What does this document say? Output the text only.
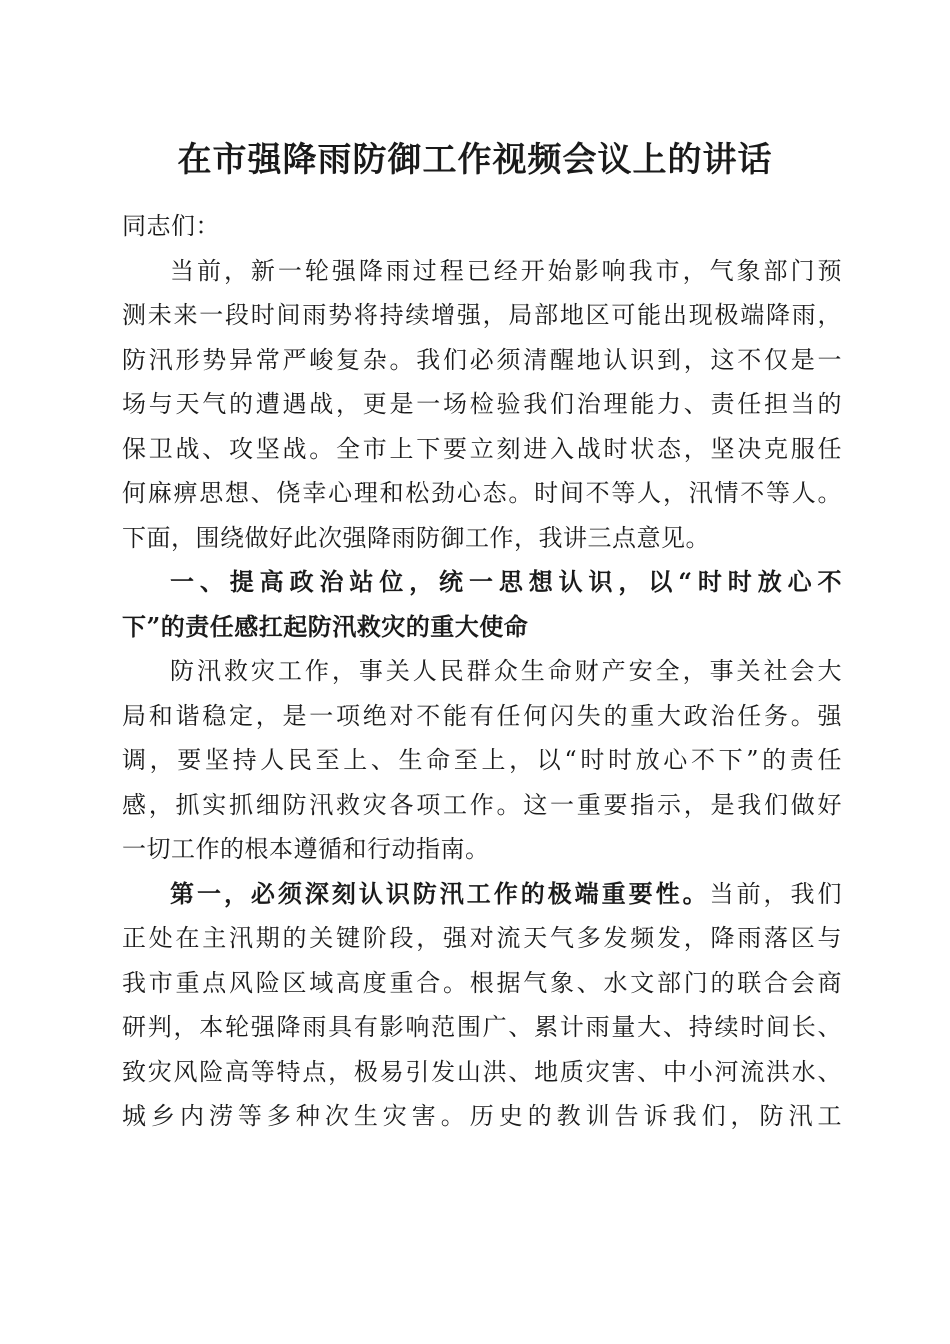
在市强降雨防御工作视频会议上的讲话
同志们：
当前，新一轮强降雨过程已经开始影响我市，气象部门预
测未来一段时间雨势将持续增强，局部地区可能出现极端降雨，
防汛形势异常严峻复杂。我们必须清醒地认识到，这不仅是一
场与天气的遭遇战，更是一场检验我们治理能力、责任担当的
保卫战、攻坚战。全市上下要立刻进入战时状态，坚决克服任
何麻痹思想、侥幸心理和松劲心态。时间不等人，汛情不等人。
下面，围绕做好此次强降雨防御工作，我讲三点意见。
一、提高政治站位，统一思想认识，以“时时放心不
下”的责任感扛起防汛救灾的重大使命
防汛救灾工作，事关人民群众生命财产安全，事关社会大
局和谐稳定，是一项绝对不能有任何闪失的重大政治任务。强
调，要坚持人民至上、生命至上，以“时时放心不下”的责任
感，抓实抓细防汛救灾各项工作。这一重要指示，是我们做好
一切工作的根本遵循和行动指南。
第一，必须深刻认识防汛工作的极端重要性。当前，我们
正处在主汛期的关键阶段，强对流天气多发频发，降雨落区与
我市重点风险区域高度重合。根据气象、水文部门的联合会商
研判，本轮强降雨具有影响范围广、累计雨量大、持续时间长、
致灾风险高等特点，极易引发山洪、地质灾害、中小河流洪水、
城乡内涝等多种次生灾害。历史的教训告诉我们，防汛工
